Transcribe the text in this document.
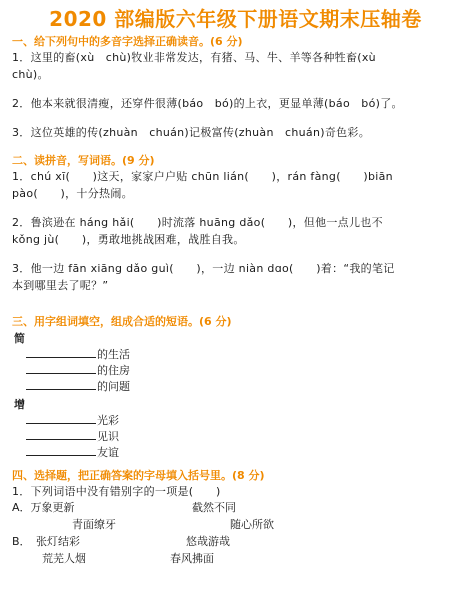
2020 部编版六年级下册语文期末压轴卷
一、给下列句中的多音字选择正确读音。(6 分)
1．这里的畜(xù　chù)牧业非常发达，有猪、马、牛、羊等各种牲畜(xù
chù)。
2．他本来就很清瘦，还穿件很薄(báo　bó)的上衣，更显单薄(báo　bó)了。
3．这位英雄的传(zhuàn　chuán)记极富传(zhuàn　chuán)奇色彩。
二、读拼音，写词语。(9 分)
1．chú xī(　　)这天，家家户户贴 chūn lián(　　)，rán fàng(　　)biān
pào(　　)，十分热闹。
2．鲁滨逊在 háng hǎi(　　)时流落 huāng dǎo(　　)，但他一点儿也不
kǒng jù(　　)，勇敢地挑战困难，战胜自我。
3．他一边 fān xiāng dǎo guì(　　)，一边 niàn dɑo(　　)着：“我的笔记
本到哪里去了呢？”
三、用字组词填空，组成合适的短语。(6 分)
简
的生活
的住房
的问题
增
光彩
见识
友谊
四、选择题，把正确答案的字母填入括号里。(8 分)
1．下列词语中没有错别字的一项是(　　)
A．万象更新	截然不同
青面缭牙	随心所欲
B．　张灯结彩	悠哉游哉
荒芜人烟	春风拂面
